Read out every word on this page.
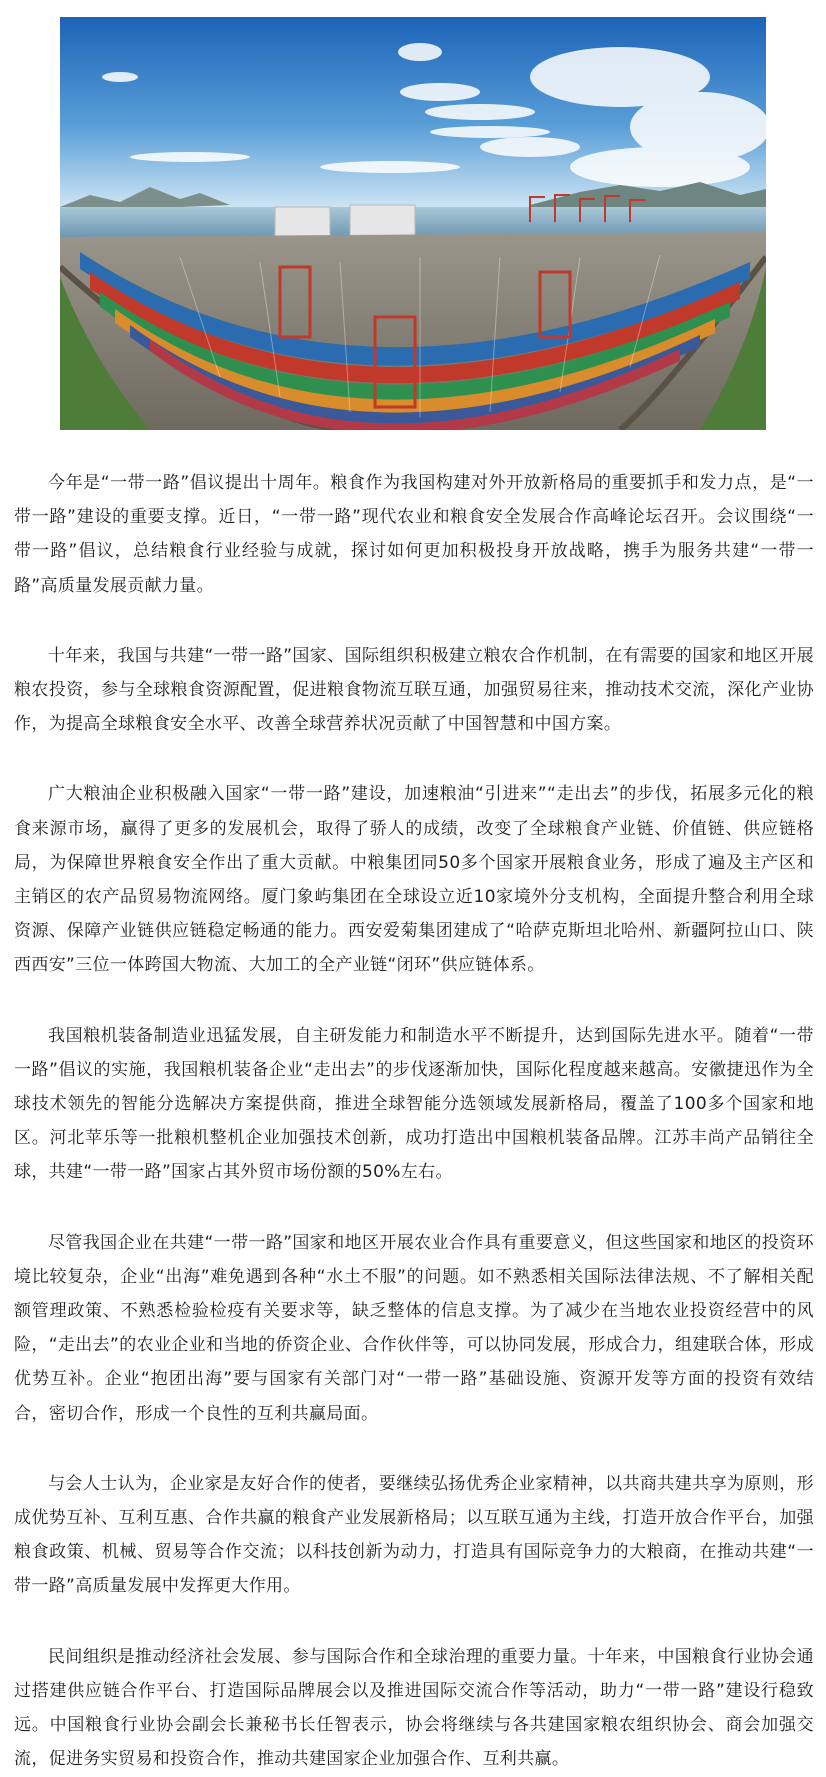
今年是“一带一路”倡议提出十周年。粮食作为我国构建对外开放新格局的重要抓手和发力点，是“一带一路”建设的重要支撑。近日，“一带一路”现代农业和粮食安全发展合作高峰论坛召开。会议围绕“一带一路”倡议，总结粮食行业经验与成就，探讨如何更加积极投身开放战略，携手为服务共建“一带一路”高质量发展贡献力量。

十年来，我国与共建“一带一路”国家、国际组织积极建立粮农合作机制，在有需要的国家和地区开展粮农投资，参与全球粮食资源配置，促进粮食物流互联互通，加强贸易往来，推动技术交流，深化产业协作，为提高全球粮食安全水平、改善全球营养状况贡献了中国智慧和中国方案。

广大粮油企业积极融入国家“一带一路”建设，加速粮油“引进来”“走出去”的步伐，拓展多元化的粮食来源市场，赢得了更多的发展机会，取得了骄人的成绩，改变了全球粮食产业链、价值链、供应链格局，为保障世界粮食安全作出了重大贡献。中粮集团同50多个国家开展粮食业务，形成了遍及主产区和主销区的农产品贸易物流网络。厦门象屿集团在全球设立近10家境外分支机构，全面提升整合利用全球资源、保障产业链供应链稳定畅通的能力。西安爱菊集团建成了“哈萨克斯坦北哈州、新疆阿拉山口、陕西西安”三位一体跨国大物流、大加工的全产业链“闭环”供应链体系。

我国粮机装备制造业迅猛发展，自主研发能力和制造水平不断提升，达到国际先进水平。随着“一带一路”倡议的实施，我国粮机装备企业“走出去”的步伐逐渐加快，国际化程度越来越高。安徽捷迅作为全球技术领先的智能分选解决方案提供商，推进全球智能分选领域发展新格局，覆盖了100多个国家和地区。河北苹乐等一批粮机整机企业加强技术创新，成功打造出中国粮机装备品牌。江苏丰尚产品销往全球，共建“一带一路”国家占其外贸市场份额的50%左右。

尽管我国企业在共建“一带一路”国家和地区开展农业合作具有重要意义，但这些国家和地区的投资环境比较复杂，企业“出海”难免遇到各种“水土不服”的问题。如不熟悉相关国际法律法规、不了解相关配额管理政策、不熟悉检验检疫有关要求等，缺乏整体的信息支撑。为了减少在当地农业投资经营中的风险，“走出去”的农业企业和当地的侨资企业、合作伙伴等，可以协同发展，形成合力，组建联合体，形成优势互补。企业“抱团出海”要与国家有关部门对“一带一路”基础设施、资源开发等方面的投资有效结合，密切合作，形成一个良性的互利共赢局面。

与会人士认为，企业家是友好合作的使者，要继续弘扬优秀企业家精神，以共商共建共享为原则，形成优势互补、互利互惠、合作共赢的粮食产业发展新格局；以互联互通为主线，打造开放合作平台，加强粮食政策、机械、贸易等合作交流；以科技创新为动力，打造具有国际竞争力的大粮商，在推动共建“一带一路”高质量发展中发挥更大作用。

民间组织是推动经济社会发展、参与国际合作和全球治理的重要力量。十年来，中国粮食行业协会通过搭建供应链合作平台、打造国际品牌展会以及推进国际交流合作等活动，助力“一带一路”建设行稳致远。中国粮食行业协会副会长兼秘书长任智表示，协会将继续与各共建国家粮农组织协会、商会加强交流，促进务实贸易和投资合作，推动共建国家企业加强合作、互利共赢。
